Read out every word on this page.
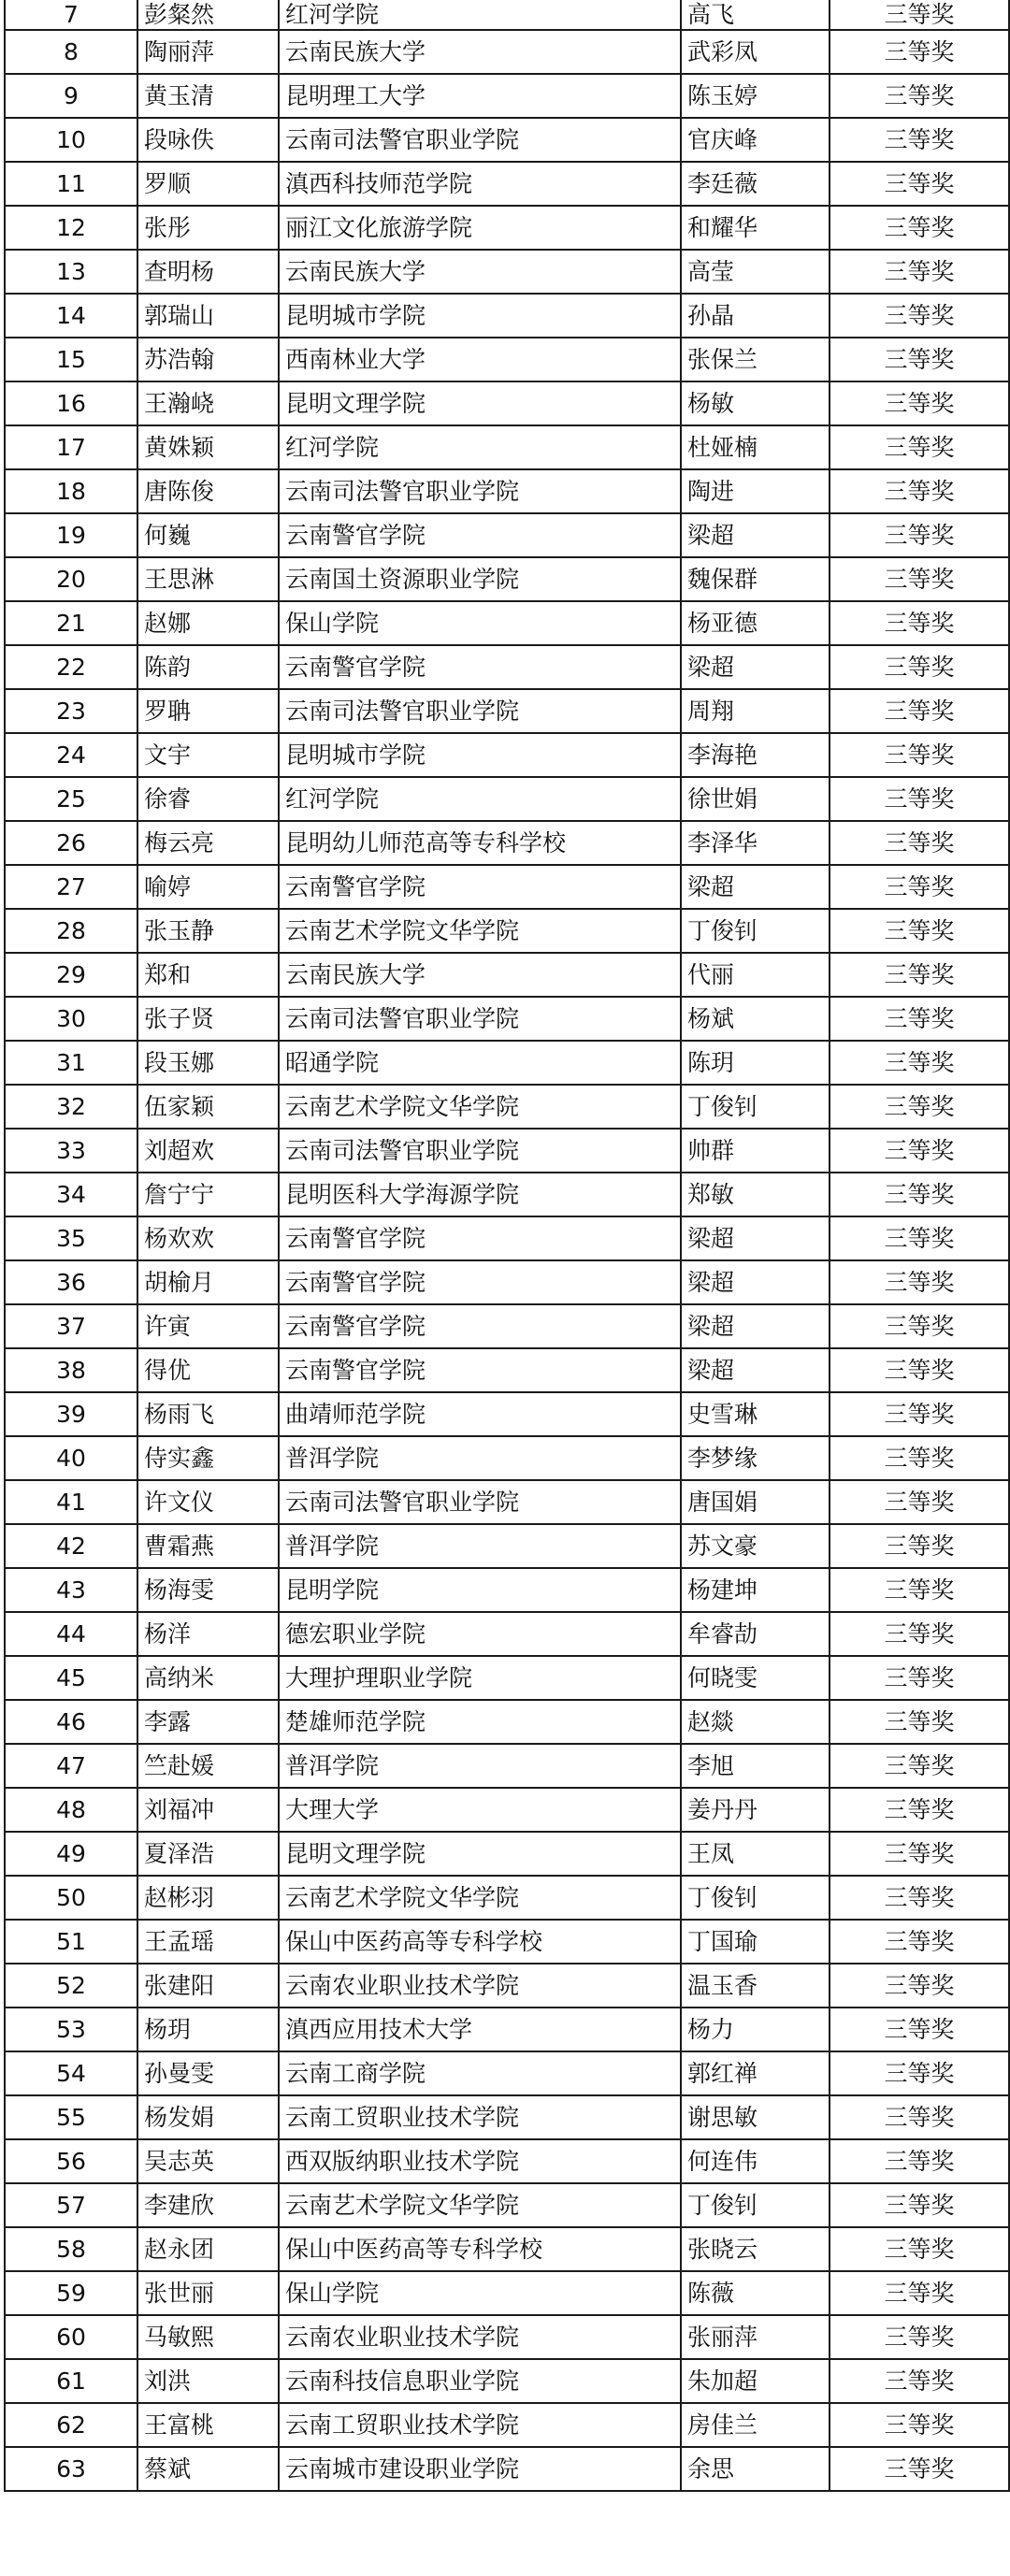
7	彭粲然	红河学院	高飞	三等奖
8	陶丽萍	云南民族大学	武彩凤	三等奖
9	黄玉清	昆明理工大学	陈玉婷	三等奖
10	段咏佚	云南司法警官职业学院	官庆峰	三等奖
11	罗顺	滇西科技师范学院	李廷薇	三等奖
12	张彤	丽江文化旅游学院	和耀华	三等奖
13	查明杨	云南民族大学	高莹	三等奖
14	郭瑞山	昆明城市学院	孙晶	三等奖
15	苏浩翰	西南林业大学	张保兰	三等奖
16	王瀚峣	昆明文理学院	杨敏	三等奖
17	黄姝颖	红河学院	杜娅楠	三等奖
18	唐陈俊	云南司法警官职业学院	陶进	三等奖
19	何巍	云南警官学院	梁超	三等奖
20	王思淋	云南国土资源职业学院	魏保群	三等奖
21	赵娜	保山学院	杨亚德	三等奖
22	陈韵	云南警官学院	梁超	三等奖
23	罗聃	云南司法警官职业学院	周翔	三等奖
24	文宇	昆明城市学院	李海艳	三等奖
25	徐睿	红河学院	徐世娟	三等奖
26	梅云亮	昆明幼儿师范高等专科学校	李泽华	三等奖
27	喻婷	云南警官学院	梁超	三等奖
28	张玉静	云南艺术学院文华学院	丁俊钊	三等奖
29	郑和	云南民族大学	代丽	三等奖
30	张子贤	云南司法警官职业学院	杨斌	三等奖
31	段玉娜	昭通学院	陈玥	三等奖
32	伍家颖	云南艺术学院文华学院	丁俊钊	三等奖
33	刘超欢	云南司法警官职业学院	帅群	三等奖
34	詹宁宁	昆明医科大学海源学院	郑敏	三等奖
35	杨欢欢	云南警官学院	梁超	三等奖
36	胡榆月	云南警官学院	梁超	三等奖
37	许寅	云南警官学院	梁超	三等奖
38	得优	云南警官学院	梁超	三等奖
39	杨雨飞	曲靖师范学院	史雪琳	三等奖
40	侍实鑫	普洱学院	李梦缘	三等奖
41	许文仪	云南司法警官职业学院	唐国娟	三等奖
42	曹霜燕	普洱学院	苏文豪	三等奖
43	杨海雯	昆明学院	杨建坤	三等奖
44	杨洋	德宏职业学院	牟睿劼	三等奖
45	高纳米	大理护理职业学院	何晓雯	三等奖
46	李露	楚雄师范学院	赵燚	三等奖
47	竺赴媛	普洱学院	李旭	三等奖
48	刘福冲	大理大学	姜丹丹	三等奖
49	夏泽浩	昆明文理学院	王凤	三等奖
50	赵彬羽	云南艺术学院文华学院	丁俊钊	三等奖
51	王孟瑶	保山中医药高等专科学校	丁国瑜	三等奖
52	张建阳	云南农业职业技术学院	温玉香	三等奖
53	杨玥	滇西应用技术大学	杨力	三等奖
54	孙曼雯	云南工商学院	郭红禅	三等奖
55	杨发娟	云南工贸职业技术学院	谢思敏	三等奖
56	吴志英	西双版纳职业技术学院	何连伟	三等奖
57	李建欣	云南艺术学院文华学院	丁俊钊	三等奖
58	赵永团	保山中医药高等专科学校	张晓云	三等奖
59	张世丽	保山学院	陈薇	三等奖
60	马敏熙	云南农业职业技术学院	张丽萍	三等奖
61	刘洪	云南科技信息职业学院	朱加超	三等奖
62	王富桃	云南工贸职业技术学院	房佳兰	三等奖
63	蔡斌	云南城市建设职业学院	余思	三等奖
